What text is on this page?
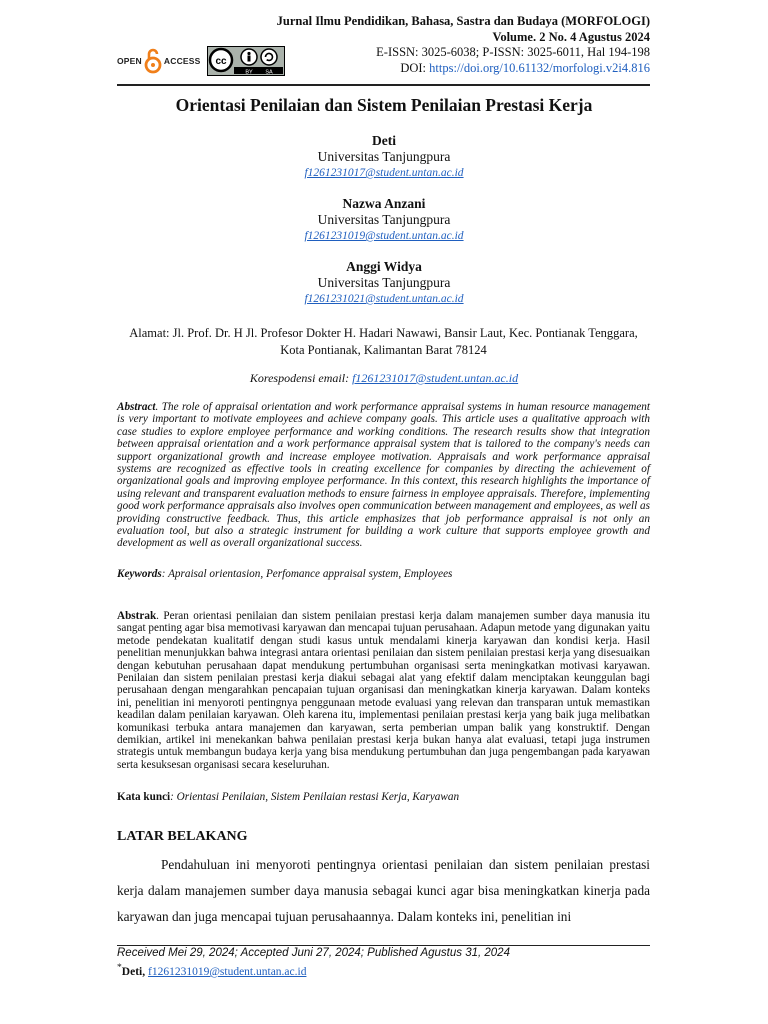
OPEN	ACCESS cc
BY SA
Jurnal Ilmu Pendidikan, Bahasa, Sastra dan Budaya (MORFOLOGI)
Volume. 2 No. 4 Agustus 2024
E-ISSN: 3025-6038; P-ISSN: 3025-6011, Hal 194-198
DOI: https://doi.org/10.61132/morfologi.v2i4.816
Orientasi Penilaian dan Sistem Penilaian Prestasi Kerja
Deti
Universitas Tanjungpura
f1261231017@student.untan.ac.id
Nazwa Anzani
Universitas Tanjungpura
f1261231019@student.untan.ac.id
Anggi Widya
Universitas Tanjungpura
f1261231021@student.untan.ac.id
Alamat: Jl. Prof. Dr. H Jl. Profesor Dokter H. Hadari Nawawi, Bansir Laut, Kec. Pontianak Tenggara,
Kota Pontianak, Kalimantan Barat 78124
Korespodensi email: f1261231017@student.untan.ac.id
Abstract. The role of appraisal orientation and work performance appraisal systems in human resource management is very important to motivate employees and achieve company goals. This article uses a qualitative approach with case studies to explore employee performance and working conditions. The research results show that integration between appraisal orientation and a work performance appraisal system that is tailored to the company's needs can support organizational growth and increase employee motivation. Appraisals and work performance appraisal systems are recognized as effective tools in creating excellence for companies by directing the achievement of organizational goals and improving employee performance. In this context, this research highlights the importance of using relevant and transparent evaluation methods to ensure fairness in employee appraisals. Therefore, implementing good work performance appraisals also involves open communication between management and employees, as well as providing constructive feedback. Thus, this article emphasizes that job performance appraisal is not only an evaluation tool, but also a strategic instrument for building a work culture that supports employee growth and development as well as overall organizational success.
Keywords: Apraisal orientasion, Perfomance appraisal system, Employees
Abstrak. Peran orientasi penilaian dan sistem penilaian prestasi kerja dalam manajemen sumber daya manusia itu sangat penting agar bisa memotivasi karyawan dan mencapai tujuan perusahaan. Adapun metode yang digunakan yaitu metode pendekatan kualitatif dengan studi kasus untuk mendalami kinerja karyawan dan kondisi kerja. Hasil penelitian menunjukkan bahwa integrasi antara orientasi penilaian dan sistem penilaian prestasi kerja yang disesuaikan dengan kebutuhan perusahaan dapat mendukung pertumbuhan organisasi serta meningkatkan motivasi karyawan. Penilaian dan sistem penilaian prestasi kerja diakui sebagai alat yang efektif dalam menciptakan keunggulan bagi perusahaan dengan mengarahkan pencapaian tujuan organisasi dan meningkatkan kinerja karyawan. Dalam konteks ini, penelitian ini menyoroti pentingnya penggunaan metode evaluasi yang relevan dan transparan untuk memastikan keadilan dalam penilaian karyawan. Oleh karena itu, implementasi penilaian prestasi kerja yang baik juga melibatkan komunikasi terbuka antara manajemen dan karyawan, serta pemberian umpan balik yang konstruktif. Dengan demikian, artikel ini menekankan bahwa penilaian prestasi kerja bukan hanya alat evaluasi, tetapi juga instrumen strategis untuk membangun budaya kerja yang bisa mendukung pertumbuhan dan juga pengembangan pada karyawan serta kesuksesan organisasi secara keseluruhan.
Kata kunci: Orientasi Penilaian, Sistem Penilaian restasi Kerja, Karyawan
LATAR BELAKANG
Pendahuluan ini menyoroti pentingnya orientasi penilaian dan sistem penilaian prestasi kerja dalam manajemen sumber daya manusia sebagai kunci agar bisa meningkatkan kinerja pada karyawan dan juga mencapai tujuan perusahaannya. Dalam konteks ini, penelitian ini
Received Mei 29, 2024; Accepted Juni 27, 2024; Published Agustus 31, 2024
*Deti, f1261231019@student.untan.ac.id
